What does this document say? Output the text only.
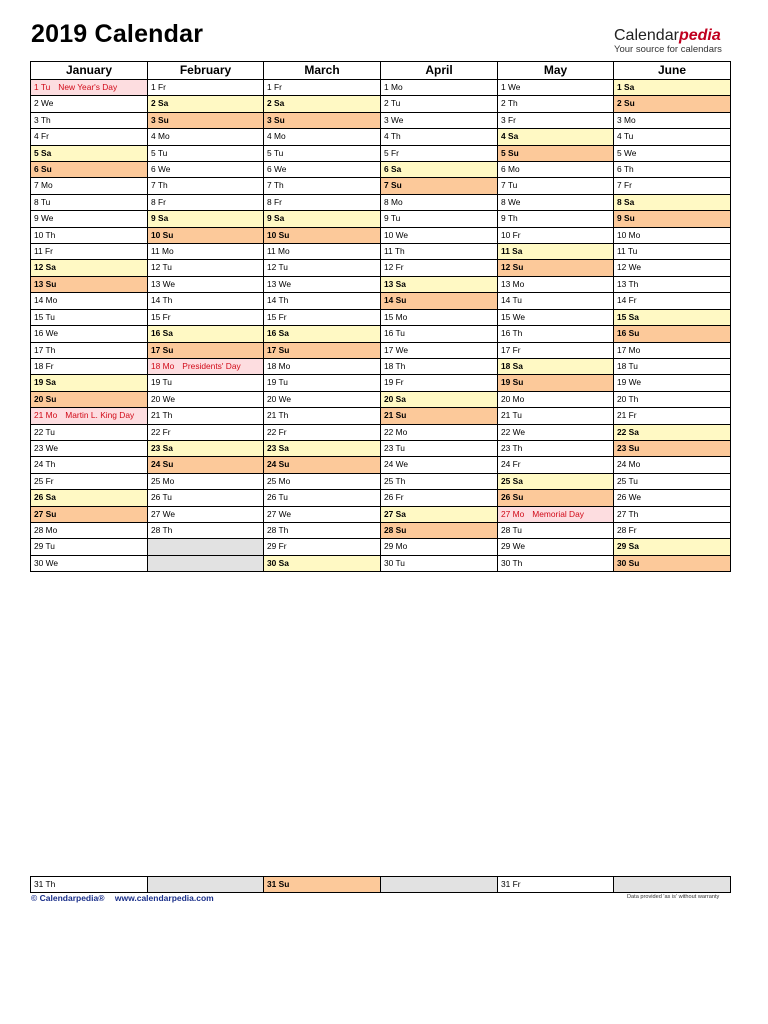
2019 Calendar	Calendarpedia
Your source for calendars
January	February	March	April	May	June
1 Tu New Year's Day	1 Fr	1 Fr	1 Mo	1 We	1 Sa
2 We	2 Sa	2 Sa	2 Tu	2 Th	2 Su
3 Th	3 Su	3 Su	3 We	3 Fr	3 Mo
4 Fr	4 Mo	4 Mo	4 Th	4 Sa	4 Tu
5 Sa	5 Tu	5 Tu	5 Fr	5 Su	5 We
6 Su	6 We	6 We	6 Sa	6 Mo	6 Th
7 Mo	7 Th	7 Th	7 Su	7 Tu	7 Fr
8 Tu	8 Fr	8 Fr	8 Mo	8 We	8 Sa
9 We	9 Sa	9 Sa	9 Tu	9 Th	9 Su
10 Th	10 Su	10 Su	10 We	10 Fr	10 Mo
11 Fr	11 Mo	11 Mo	11 Th	11 Sa	11 Tu
12 Sa	12 Tu	12 Tu	12 Fr	12 Su	12 We
13 Su	13 We	13 We	13 Sa	13 Mo	13 Th
14 Mo	14 Th	14 Th	14 Su	14 Tu	14 Fr
15 Tu	15 Fr	15 Fr	15 Mo	15 We	15 Sa
16 We	16 Sa	16 Sa	16 Tu	16 Th	16 Su
17 Th	17 Su	17 Su	17 We	17 Fr	17 Mo
18 Fr	18 Mo Presidents' Day	18 Mo	18 Th	18 Sa	18 Tu
19 Sa	19 Tu	19 Tu	19 Fr	19 Su	19 We
20 Su	20 We	20 We	20 Sa	20 Mo	20 Th
21 Mo Martin L. King Day	21 Th	21 Th	21 Su	21 Tu	21 Fr
22 Tu	22 Fr	22 Fr	22 Mo	22 We	22 Sa
23 We	23 Sa	23 Sa	23 Tu	23 Th	23 Su
24 Th	24 Su	24 Su	24 We	24 Fr	24 Mo
25 Fr	25 Mo	25 Mo	25 Th	25 Sa	25 Tu
26 Sa	26 Tu	26 Tu	26 Fr	26 Su	26 We
27 Su	27 We	27 We	27 Sa	27 Mo Memorial Day	27 Th
28 Mo	28 Th	28 Th	28 Su	28 Tu	28 Fr
29 Tu		29 Fr	29 Mo	29 We	29 Sa
30 We		30 Sa	30 Tu	30 Th	30 Su
31 Th		31 Su		31 Fr	
© Calendarpedia® www.calendarpedia.com	Data provided 'as is' without warranty
